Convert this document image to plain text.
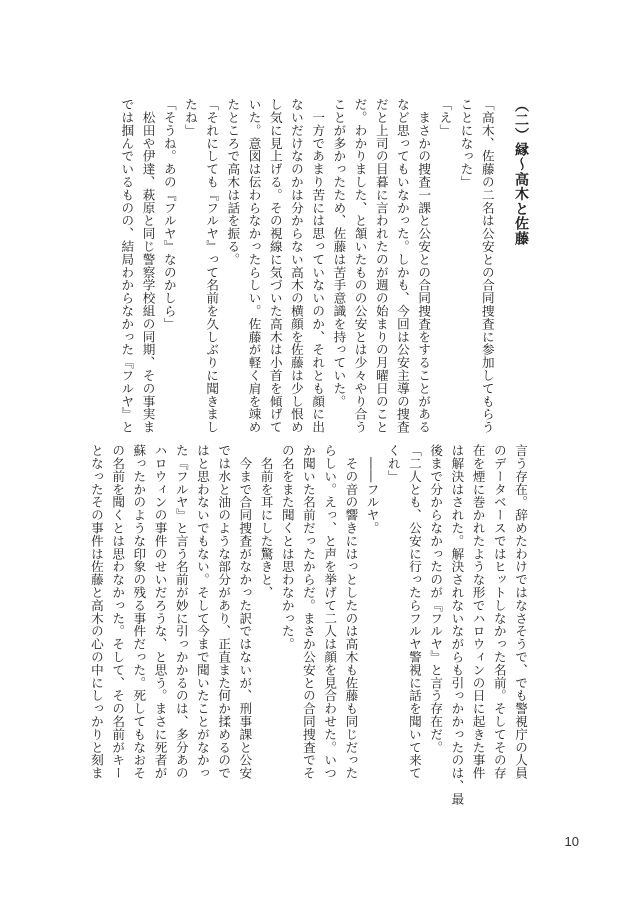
（二）縁～高木と佐藤
「高木、佐藤の二名は公安との合同捜査に参加してもらう
ことになった」
「え」
　まさかの捜査一課と公安との合同捜査をすることがある
など思ってもいなかった。しかも、今回は公安主導の捜査
だと上司の目暮に言われたのが週の始まりの月曜日のこと
だ。わかりました、と頷いたものの公安とは少々やり合う
ことが多かったため、佐藤は苦手意識を持っていた。
　一方であまり苦には思っていないのか、それとも顔に出
ないだけなのかは分からない高木の横顔を佐藤は少し恨め
し気に見上げる。その視線に気づいた高木は小首を傾げて
いた。意図は伝わらなかったらしい。佐藤が軽く肩を竦め
たところで高木は話を振る。
「それにしても『フルヤ』って名前を久しぶりに聞きまし
たね」
「そうね。あの『フルヤ』なのかしら」
　松田や伊達、萩原と同じ警察学校組の同期、その事実ま
では掴んでいるものの、結局わからなかった『フルヤ』と
言う存在。辞めたわけではなさそうで、でも警視庁の人員
のデータベースではヒットしなかった名前。そしてその存
在を煙に巻かれたような形でハロウィンの日に起きた事件
は解決はされた。解決されないながらも引っかかったのは、最
後まで分からなかったのが『フルヤ』と言う存在だ。
「二人とも、公安に行ったらフルヤ警視に話を聞いて来て
くれ」
　――フルヤ。
　その音の響きにはっとしたのは高木も佐藤も同じだった
らしい。えっ、と声を挙げて二人は顔を見合わせた。いつ
か聞いた名前だったからだ。まさか公安との合同捜査でそ
の名をまた聞くとは思わなかった。
　名前を耳にした驚きと、
　今まで合同捜査がなかった訳ではないが、刑事課と公安
では水と油のような部分があり、正直また何か揉めるので
はと思わないでもない。そして今まで聞いたことがなかっ
た『フルヤ』と言う名前が妙に引っかかるのは、多分あの
ハロウィンの事件のせいだろうな、と思う。まさに死者が
蘇ったかのような印象の残る事件だった。死してもなおそ
の名前を聞くとは思わなかった。そして、その名前がキー
となったその事件は佐藤と高木の心の中にしっかりと刻ま
10
